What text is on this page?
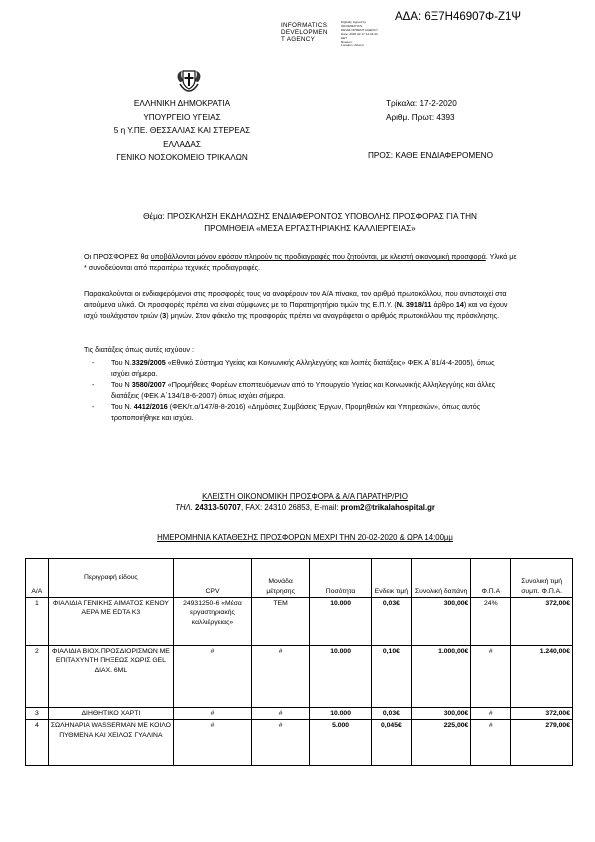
ΑΔΑ: 6Ξ7Η46907Φ-Ζ1Ψ
INFORMATICS
DEVELOPMEN
T AGENCY
Digitally signed by
INFORMATICS
DEVELOPMENT AGENCY
Date: 2020.02.17 14:44:44
EET
Reason:
Location: Athens
ΕΛΛΗΝΙΚΗ ΔΗΜΟΚΡΑΤΙΑ
ΥΠΟΥΡΓΕΙΟ ΥΓΕΙΑΣ
5 η Υ.ΠΕ. ΘΕΣΣΑΛΙΑΣ ΚΑΙ ΣΤΕΡΕΑΣ
ΕΛΛΑΔΑΣ
ΓΕΝΙΚΟ ΝΟΣΟΚΟΜΕΙΟ ΤΡΙΚΑΛΩΝ
Τρίκαλα: 17-2-2020
Αριθμ. Πρωτ: 4393
ΠΡΟΣ: ΚΑΘΕ ΕΝΔΙΑΦΕΡΟΜΕΝΟ
Θέμα: ΠΡΟΣΚΛΗΣΗ ΕΚΔΗΛΩΣΗΣ ΕΝΔΙΑΦΕΡΟΝΤΟΣ ΥΠΟΒΟΛΗΣ ΠΡΟΣΦΟΡΑΣ ΓΙΑ ΤΗΝ
ΠΡΟΜΗΘΕΙΑ «ΜΕΣΑ ΕΡΓΑΣΤΗΡΙΑΚΗΣ ΚΑΛΛΙΕΡΓΕΙΑΣ»
Οι ΠΡΟΣΦΟΡΕΣ θα υποβάλλονται μόνον εφόσον πληρούν τις προδιαγραφές που ζητούνται, με κλειστή οικονομική προσφορά. Υλικά με * συνοδεύονται από περαιτέρω τεχνικές προδιαγραφές.
Παρακαλούνται οι ενδιαφερόμενοι στις προσφορές τους να αναφέρουν τον Α/Α πίνακα, τον αριθμό πρωτοκόλλου, που αντιστοιχεί στα αιτούμενα υλικά. Οι προσφορές πρέπει να είναι σύμφωνες με το Παρατηρητήριο τιμών της Ε.Π.Υ. (Ν. 3918/11 άρθρο 14) και να έχουν ισχύ τουλάχιστον τριών (3) μηνών. Στον φάκελο της προσφοράς πρέπει να αναγράφεται ο αριθμός πρωτοκόλλου της πρόσκλησης.
Τις διατάξεις όπως αυτές ισχύουν :
- Του Ν.3329/2005 «Εθνικό Σύστημα Υγείας και Κοινωνικής Αλληλεγγύης και λοιπές διατάξεις» ΦΕΚ Α΄81/4-4-2005), όπως ισχύει σήμερα.
- Του Ν 3580/2007 «Προμήθειες Φορέων εποπτευόμενων από το Υπουργείο Υγείας και Κοινωνικής Αλληλεγγύης και άλλες διατάξεις (ΦΕΚ Α΄134/18-6-2007) όπως ισχύει σήμερα.
- Του Ν. 4412/2016 (ΦΕΚ/τ.α/147/8-8-2016) «Δημόσιες Συμβάσεις Έργων, Προμηθειών και Υπηρεσιών», όπως αυτός τροποποιήθηκε και ισχύει.
ΚΛΕΙΣΤΗ ΟΙΚΟΝΟΜΙΚΗ ΠΡΟΣΦΟΡΑ & Α/Α ΠΑΡΑΤΗΡ/ΡΙΟ
ΤΗΛ. 24313-50707, FAX: 24310 26853, E-mail: prom2@trikalahospital.gr
ΗΜΕΡΟΜΗΝΙΑ ΚΑΤΑΘΕΣΗΣ ΠΡΟΣΦΟΡΩΝ ΜΕΧΡΙ ΤΗΝ 20-02-2020 & ΩΡΑ 14:00μμ
Α/Α	Περιγραφή είδους	CPV	Μονάδα μέτρησης	Ποσότητα	Ενδεικ τιμή	Συνολική δαπάνη	Φ.Π.Α	Συνολική τιμή συμπ. Φ.Π.Α.
1	ΦΙΑΛΙΔΙΑ ΓΕΝΙΚΗΣ ΑΙΜΑΤΟΣ ΚΕΝΟΥ ΑΕΡΑ ΜΕ EDTA K3	24931250-6 «Μέσα εργαστηριακής καλλιέργειας»	ΤΕΜ	10.000	0,03€	300,00€	24%	372,00€
2	ΦΙΑΛΙΔΙΑ ΒΙΟΧ.ΠΡΟΣΔΙΟΡΙΣΜΩΝ ΜΕ ΕΠΙΤΑΧΥΝΤΗ ΠΗΞΕΩΣ ΧΩΡΙΣ GEL ΔΙΑΧ. 6ML	#	#	10.000	0,10€	1.000,00€	#	1.240,00€
3	ΔΙΗΘΗΤΙΚΟ ΧΑΡΤΙ	#	#	10.000	0,03€	300,00€	#	372,00€
4	ΣΩΛΗΝΑΡΙΑ WASSERMAN ΜΕ ΚΟΙΛΟ ΠΥΘΜΕΝΑ ΚΑΙ ΧΕΙΛΟΣ ΓΥΑΛΙΝΑ	#	#	5.000	0,045€	225,00€	#	279,00€
